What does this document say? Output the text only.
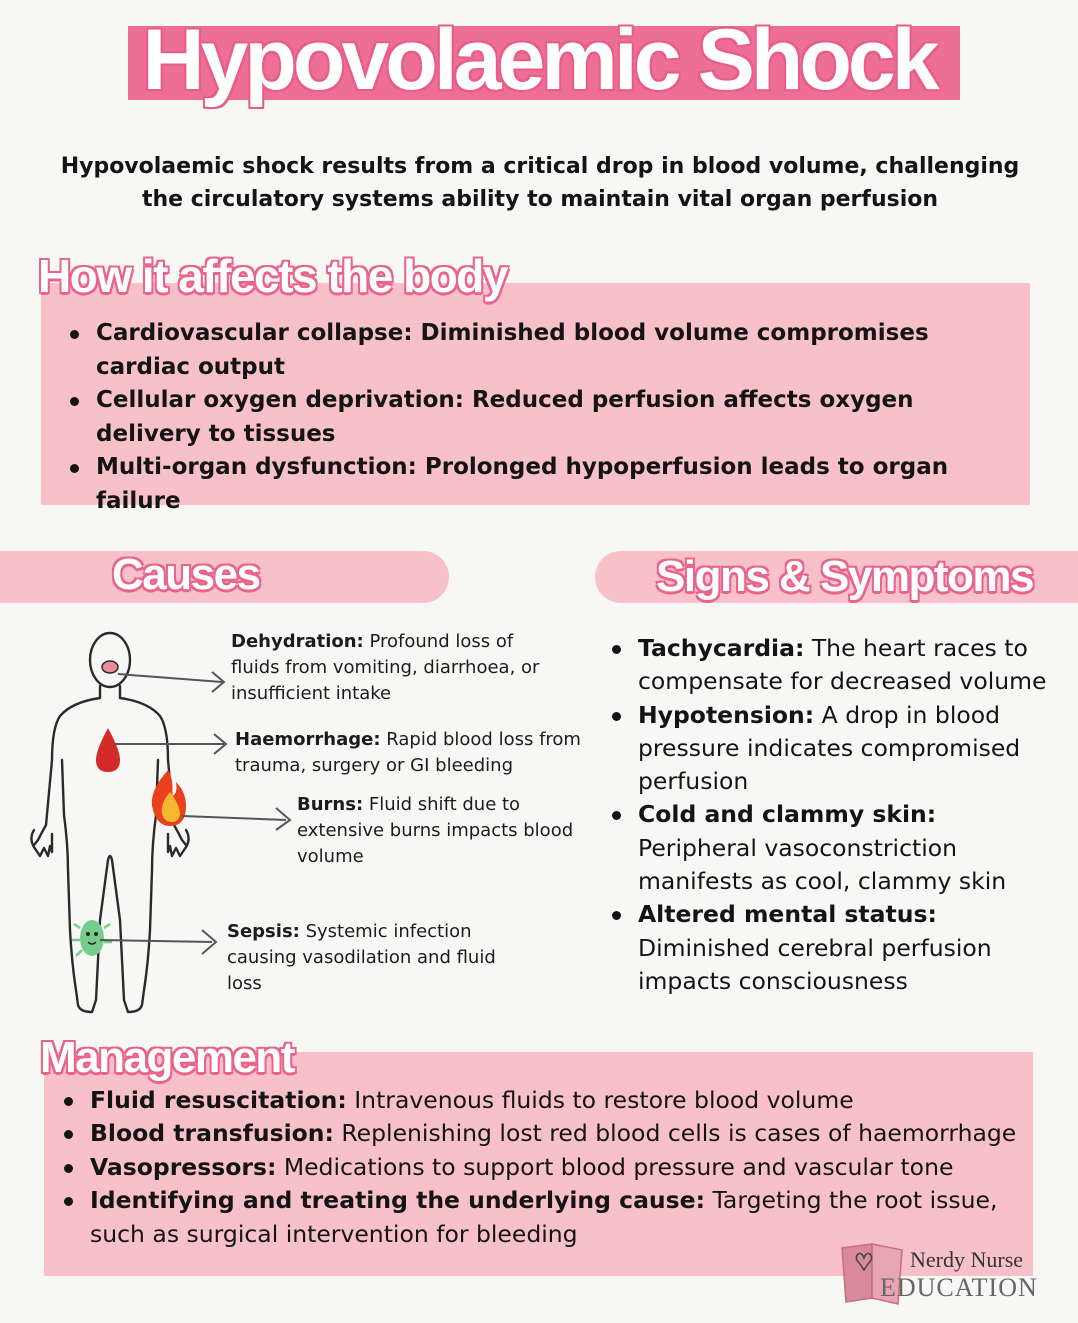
Hypovolaemic Shock
Hypovolaemic shock results from a critical drop in blood volume, challenging the circulatory systems ability to maintain vital organ perfusion
How it affects the body
Cardiovascular collapse: Diminished blood volume compromises cardiac output
Cellular oxygen deprivation: Reduced perfusion affects oxygen delivery to tissues
Multi-organ dysfunction: Prolonged hypoperfusion leads to organ failure
Causes	Signs & Symptoms
Dehydration: Profound loss of fluids from vomiting, diarrhoea, or insufficient intake
Haemorrhage: Rapid blood loss from trauma, surgery or GI bleeding
Burns: Fluid shift due to extensive burns impacts blood volume
Sepsis: Systemic infection causing vasodilation and fluid loss
Tachycardia: The heart races to compensate for decreased volume
Hypotension: A drop in blood pressure indicates compromised perfusion
Cold and clammy skin: Peripheral vasoconstriction manifests as cool, clammy skin
Altered mental status: Diminished cerebral perfusion impacts consciousness
Management
Fluid resuscitation: Intravenous fluids to restore blood volume
Blood transfusion: Replenishing lost red blood cells is cases of haemorrhage
Vasopressors: Medications to support blood pressure and vascular tone
Identifying and treating the underlying cause: Targeting the root issue, such as surgical intervention for bleeding
Nerdy Nurse
EDUCATION
